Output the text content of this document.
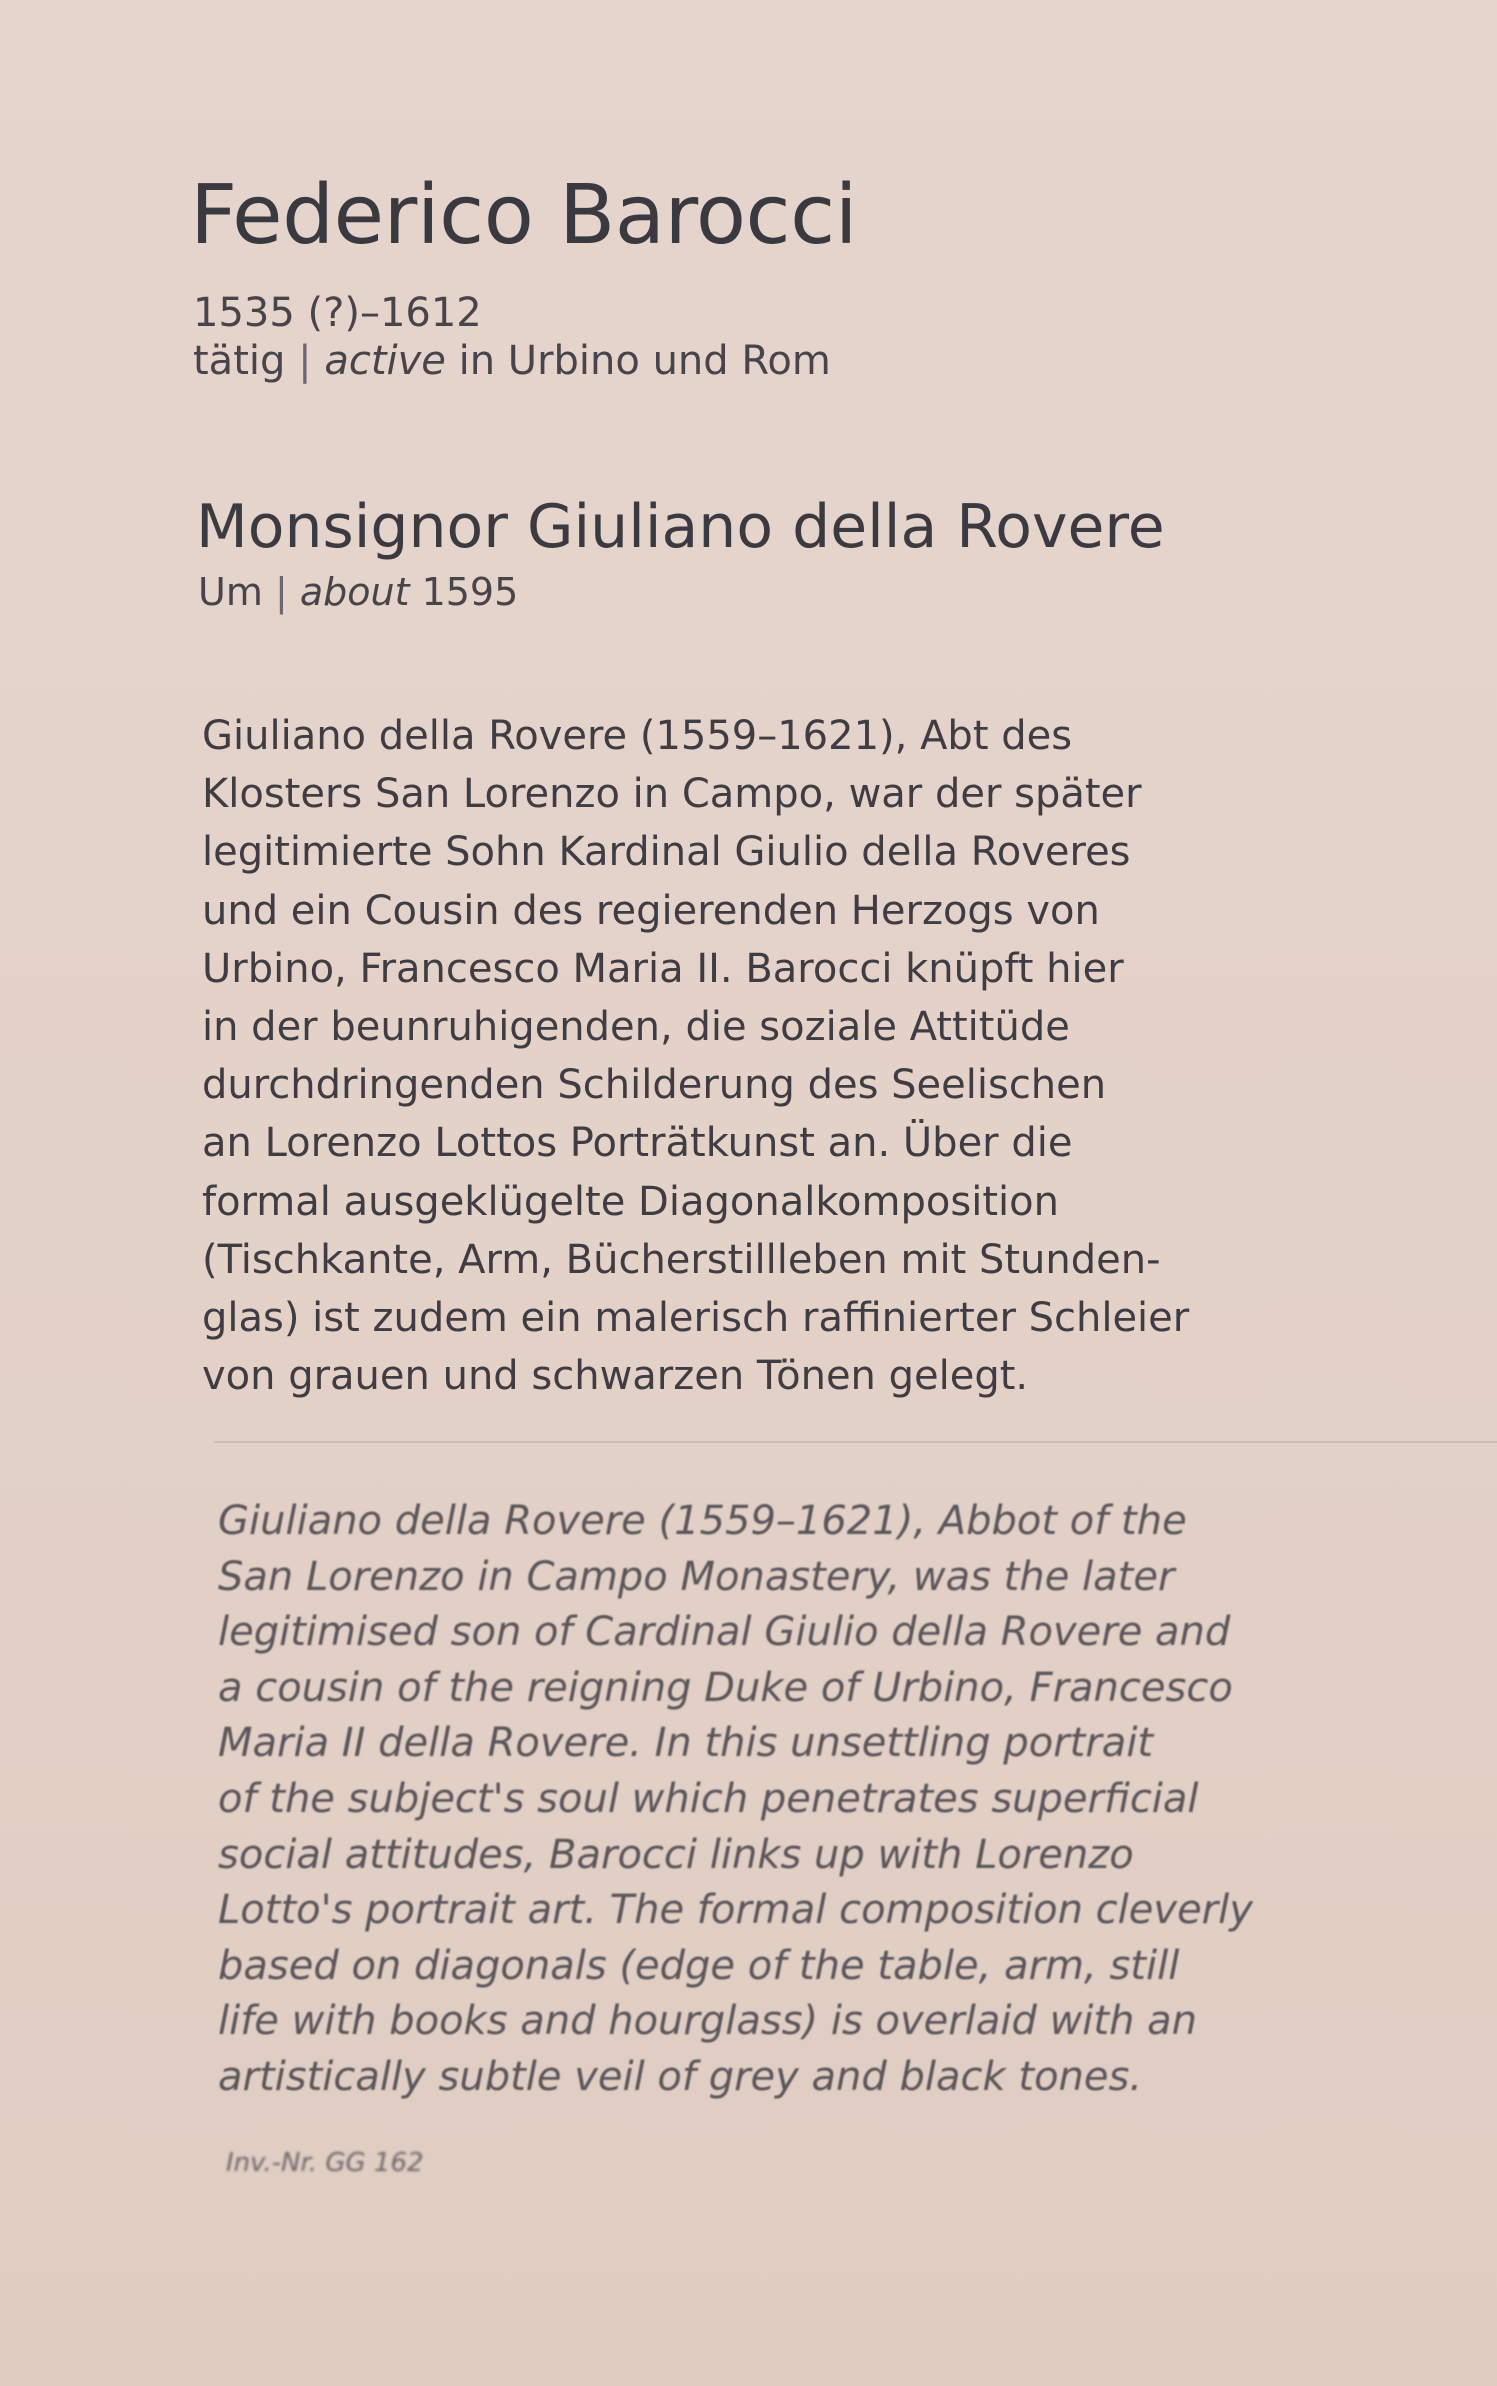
Federico Barocci
1535 (?)–1612
tätig | active in Urbino und Rom
Monsignor Giuliano della Rovere
Um | about 1595
Giuliano della Rovere (1559–1621), Abt des
Klosters San Lorenzo in Campo, war der später
legitimierte Sohn Kardinal Giulio della Roveres
und ein Cousin des regierenden Herzogs von
Urbino, Francesco Maria II. Barocci knüpft hier
in der beunruhigenden, die soziale Attitüde
durchdringenden Schilderung des Seelischen
an Lorenzo Lottos Porträtkunst an. Über die
formal ausgeklügelte Diagonalkomposition
(Tischkante, Arm, Bücherstillleben mit Stunden-
glas) ist zudem ein malerisch raffinierter Schleier
von grauen und schwarzen Tönen gelegt.
Giuliano della Rovere (1559–1621), Abbot of the
San Lorenzo in Campo Monastery, was the later
legitimised son of Cardinal Giulio della Rovere and
a cousin of the reigning Duke of Urbino, Francesco
Maria II della Rovere. In this unsettling portrait
of the subject's soul which penetrates superficial
social attitudes, Barocci links up with Lorenzo
Lotto's portrait art. The formal composition cleverly
based on diagonals (edge of the table, arm, still
life with books and hourglass) is overlaid with an
artistically subtle veil of grey and black tones.
Inv.-Nr. GG 162
